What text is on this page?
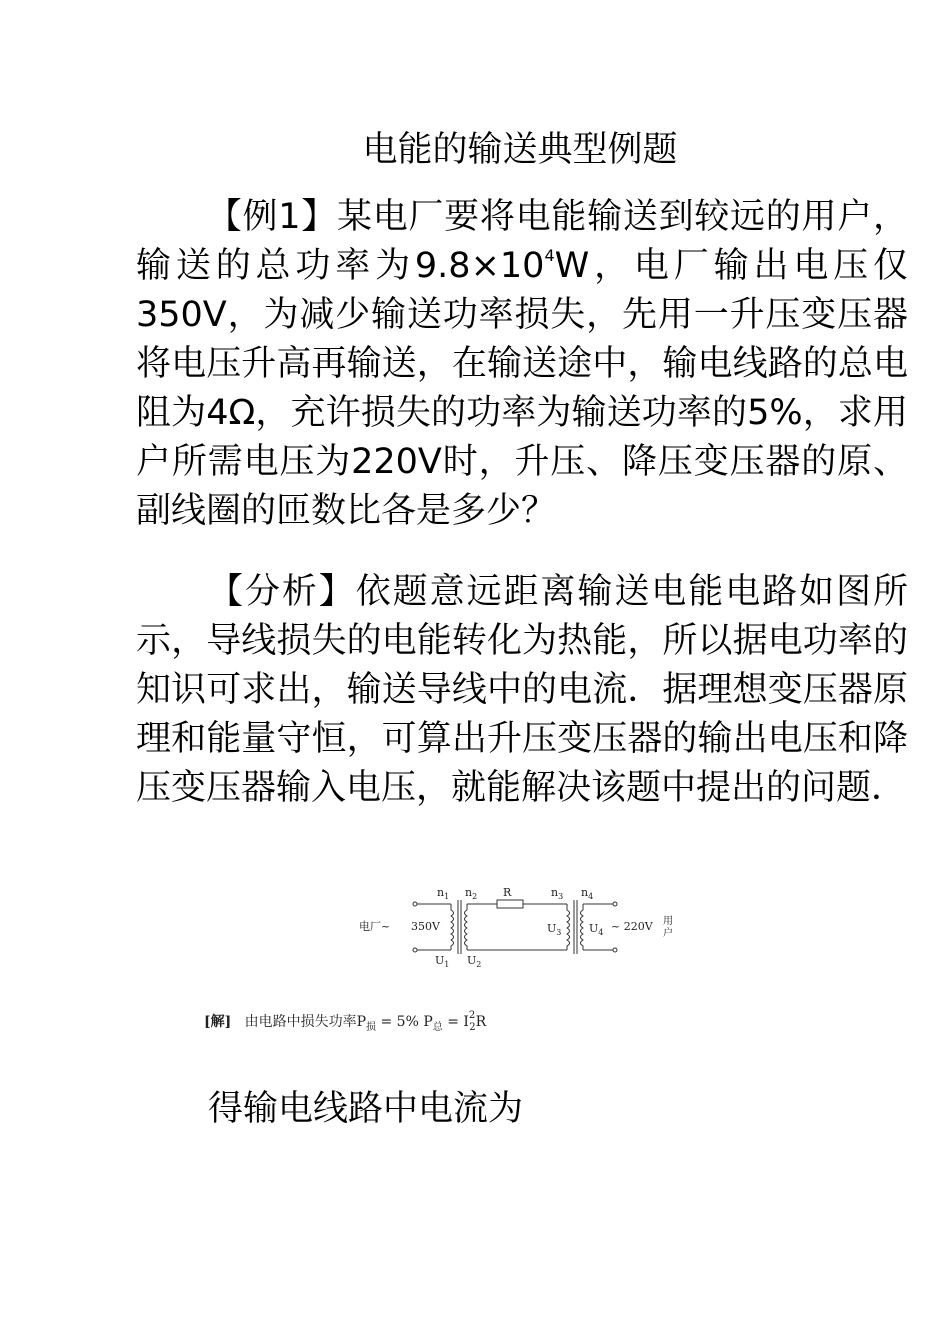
电能的输送典型例题

【例1】某电厂要将电能输送到较远的用户，输送的总功率为$9.8\times 10^4W$，电厂输出电压仅350V，为减少输送功率损失，先用一升压变压器将电压升高再输送，在输送途中，输电线路的总电阻为4Ω，充许损失的功率为输送功率的5%，求用户所需电压为220V时，升压、降压变压器的原、副线圈的匝数比各是多少？

【分析】依题意远距离输送电能电路如图所示，导线损失的电能转化为热能，所以据电功率的知识可求出，输送导线中的电流．据理想变压器原理和能量守恒，可算出升压变压器的输出电压和降压变压器输入电压，就能解决该题中提出的问题．

电厂~ 350V
$n_1$ $n_2$ R	$n_3$ $n_4$
$U_1$ $U_2$
$U_3$	$U_4$ ~ 220V 用
户
[解] 由电路中损失功率$P_损 = 5\%$ $P_总 = I^2_2R$

得输电线路中电流为
